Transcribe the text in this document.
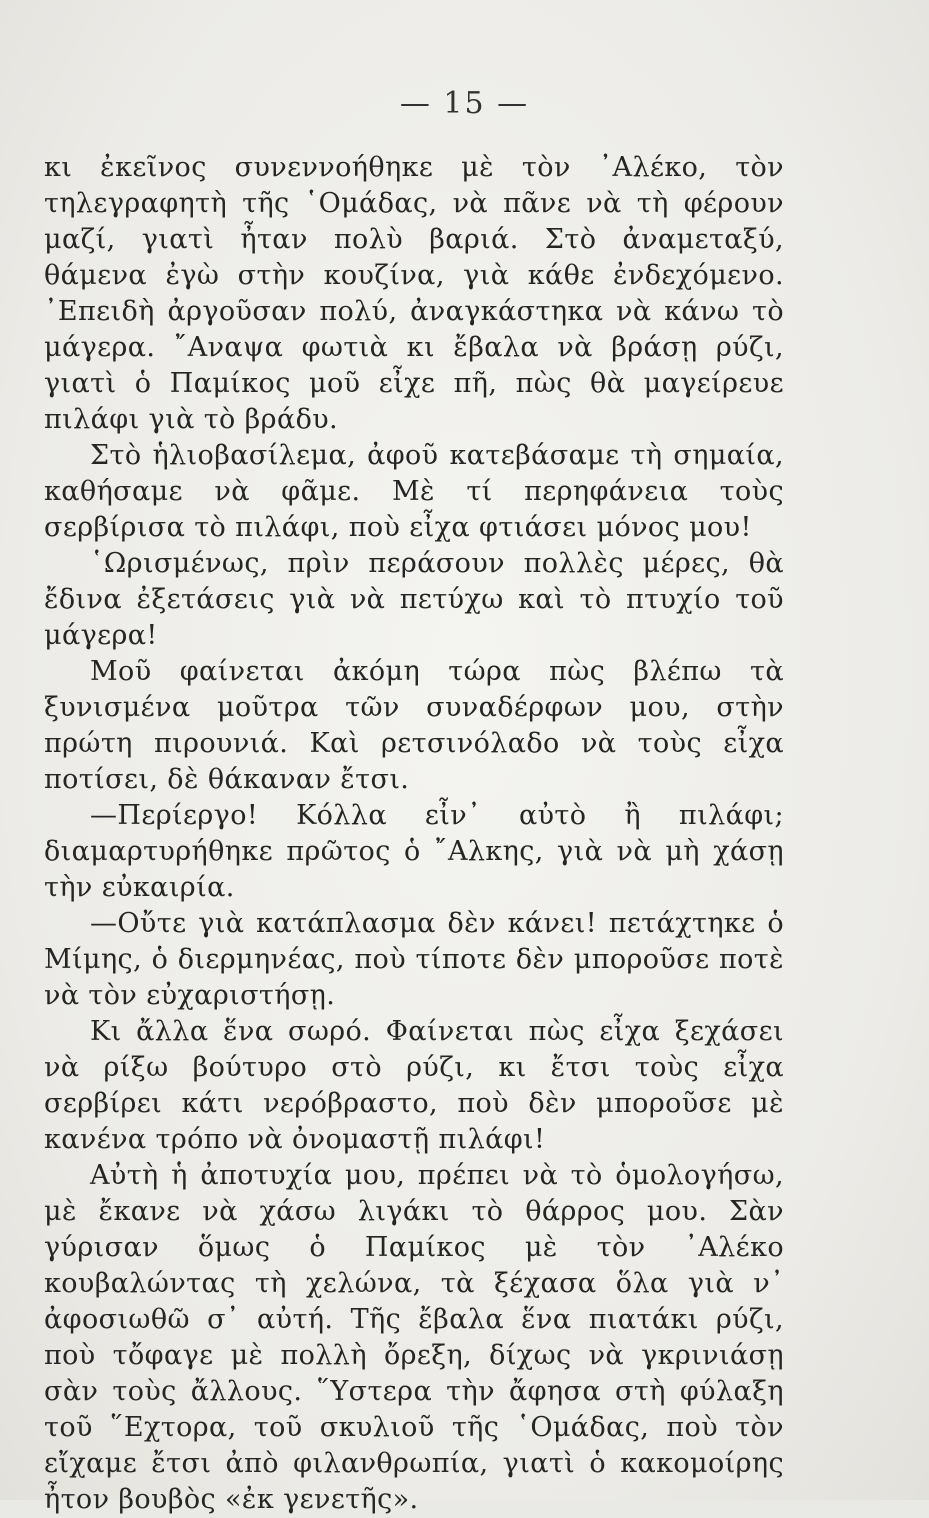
— 15 —

κι ἐκεῖνος συνεννοήθηκε μὲ τὸν ᾿Αλέκο, τὸν τηλεγραφητὴ τῆς ῾Ομάδας, νὰ πᾶνε νὰ τὴ φέρουν μαζί, γιατὶ ἦταν πολὺ βαριά. Στὸ ἀναμεταξύ, θάμενα ἐγὼ στὴν κουζίνα, γιὰ κάθε ἐνδεχόμενο. ᾿Επειδὴ ἀργοῦσαν πολύ, ἀναγκάστηκα νὰ κάνω τὸ μάγερα. ῎Αναψα φωτιὰ κι ἔβαλα νὰ βράσῃ ρύζι, γιατὶ ὁ Παμίκος μοῦ εἶχε πῆ, πὼς θὰ μαγείρευε πιλάφι γιὰ τὸ βράδυ.

Στὸ ἡλιοβασίλεμα, ἀφοῦ κατεβάσαμε τὴ σημαία, καθήσαμε νὰ φᾶμε. Μὲ τί περηφάνεια τοὺς σερβίρισα τὸ πιλάφι, ποὺ εἶχα φτιάσει μόνος μου!

῾Ωρισμένως, πρὶν περάσουν πολλὲς μέρες, θὰ ἔδινα ἐξετάσεις γιὰ νὰ πετύχω καὶ τὸ πτυχίο τοῦ μάγερα!

Μοῦ φαίνεται ἀκόμη τώρα πὼς βλέπω τὰ ξυνισμένα μοῦτρα τῶν συναδέρφων μου, στὴν πρώτη πιρουνιά. Καὶ ρετσινόλαδο νὰ τοὺς εἶχα ποτίσει, δὲ θάκαναν ἔτσι.

—Περίεργο! Κόλλα εἶν᾿ αὐτὸ ἢ πιλάφι; διαμαρτυρήθηκε πρῶτος ὁ ῎Αλκης, γιὰ νὰ μὴ χάσῃ τὴν εὐκαιρία.

—Οὔτε γιὰ κατάπλασμα δὲν κάνει! πετάχτηκε ὁ Μίμης, ὁ διερμηνέας, ποὺ τίποτε δὲν μποροῦσε ποτὲ νὰ τὸν εὐχαριστήσῃ.

Κι ἄλλα ἕνα σωρό. Φαίνεται πὼς εἶχα ξεχάσει νὰ ρίξω βούτυρο στὸ ρύζι, κι ἔτσι τοὺς εἶχα σερβίρει κάτι νερόβραστο, ποὺ δὲν μποροῦσε μὲ κανένα τρόπο νὰ ὀνομαστῇ πιλάφι!

Αὐτὴ ἡ ἀποτυχία μου, πρέπει νὰ τὸ ὁμολογήσω, μὲ ἔκανε νὰ χάσω λιγάκι τὸ θάρρος μου. Σὰν γύρισαν ὅμως ὁ Παμίκος μὲ τὸν ᾿Αλέκο κουβαλώντας τὴ χελώνα, τὰ ξέχασα ὅλα γιὰ ν᾿ ἀφοσιωθῶ σ᾿ αὐτή. Τῆς ἔβαλα ἕνα πιατάκι ρύζι, ποὺ τὄφαγε μὲ πολλὴ ὄρεξη, δίχως νὰ γκρινιάσῃ σὰν τοὺς ἄλλους. ῞Υστερα τὴν ἄφησα στὴ φύλαξη τοῦ ῞Εχτορα, τοῦ σκυλιοῦ τῆς ῾Ομάδας, ποὺ τὸν εἴχαμε ἔτσι ἀπὸ φιλανθρωπία, γιατὶ ὁ κακομοίρης ἦτον βουβὸς «ἐκ γενετῆς».
